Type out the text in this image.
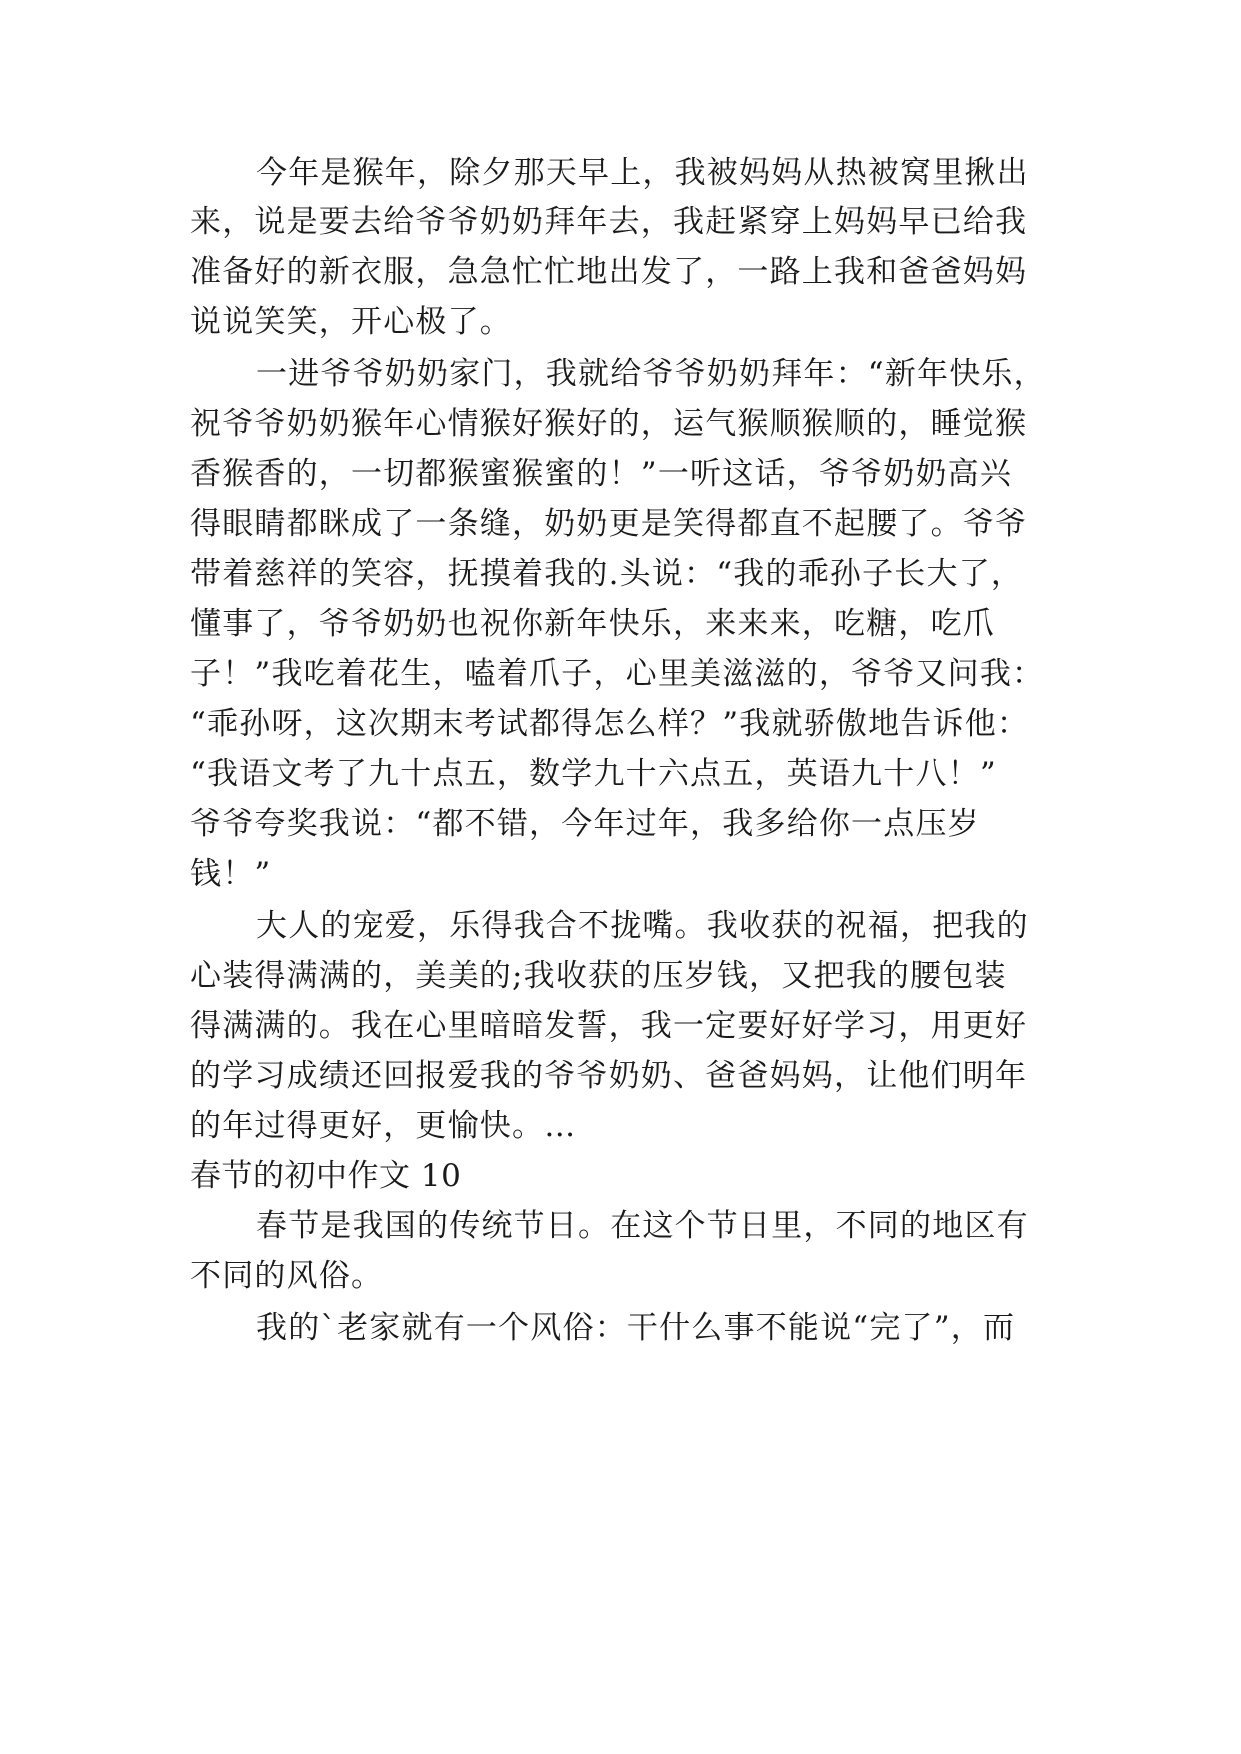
今年是猴年，除夕那天早上，我被妈妈从热被窝里揪出
来，说是要去给爷爷奶奶拜年去，我赶紧穿上妈妈早已给我
准备好的新衣服，急急忙忙地出发了，一路上我和爸爸妈妈
说说笑笑，开心极了。
一进爷爷奶奶家门，我就给爷爷奶奶拜年：“新年快乐，
祝爷爷奶奶猴年心情猴好猴好的，运气猴顺猴顺的，睡觉猴
香猴香的，一切都猴蜜猴蜜的！”一听这话，爷爷奶奶高兴
得眼睛都眯成了一条缝，奶奶更是笑得都直不起腰了。爷爷
带着慈祥的笑容，抚摸着我的.头说：“我的乖孙子长大了，
懂事了，爷爷奶奶也祝你新年快乐，来来来，吃糖，吃爪
子！”我吃着花生，嗑着爪子，心里美滋滋的，爷爷又问我：
“乖孙呀，这次期末考试都得怎么样？”我就骄傲地告诉他：
“我语文考了九十点五，数学九十六点五，英语九十八！”
爷爷夸奖我说：“都不错，今年过年，我多给你一点压岁
钱！”
大人的宠爱，乐得我合不拢嘴。我收获的祝福，把我的
心装得满满的，美美的;我收获的压岁钱，又把我的腰包装
得满满的。我在心里暗暗发誓，我一定要好好学习，用更好
的学习成绩还回报爱我的爷爷奶奶、爸爸妈妈，让他们明年
的年过得更好，更愉快。…
春节的初中作文 10
春节是我国的传统节日。在这个节日里，不同的地区有
不同的风俗。
我的`老家就有一个风俗：干什么事不能说“完了”，而
